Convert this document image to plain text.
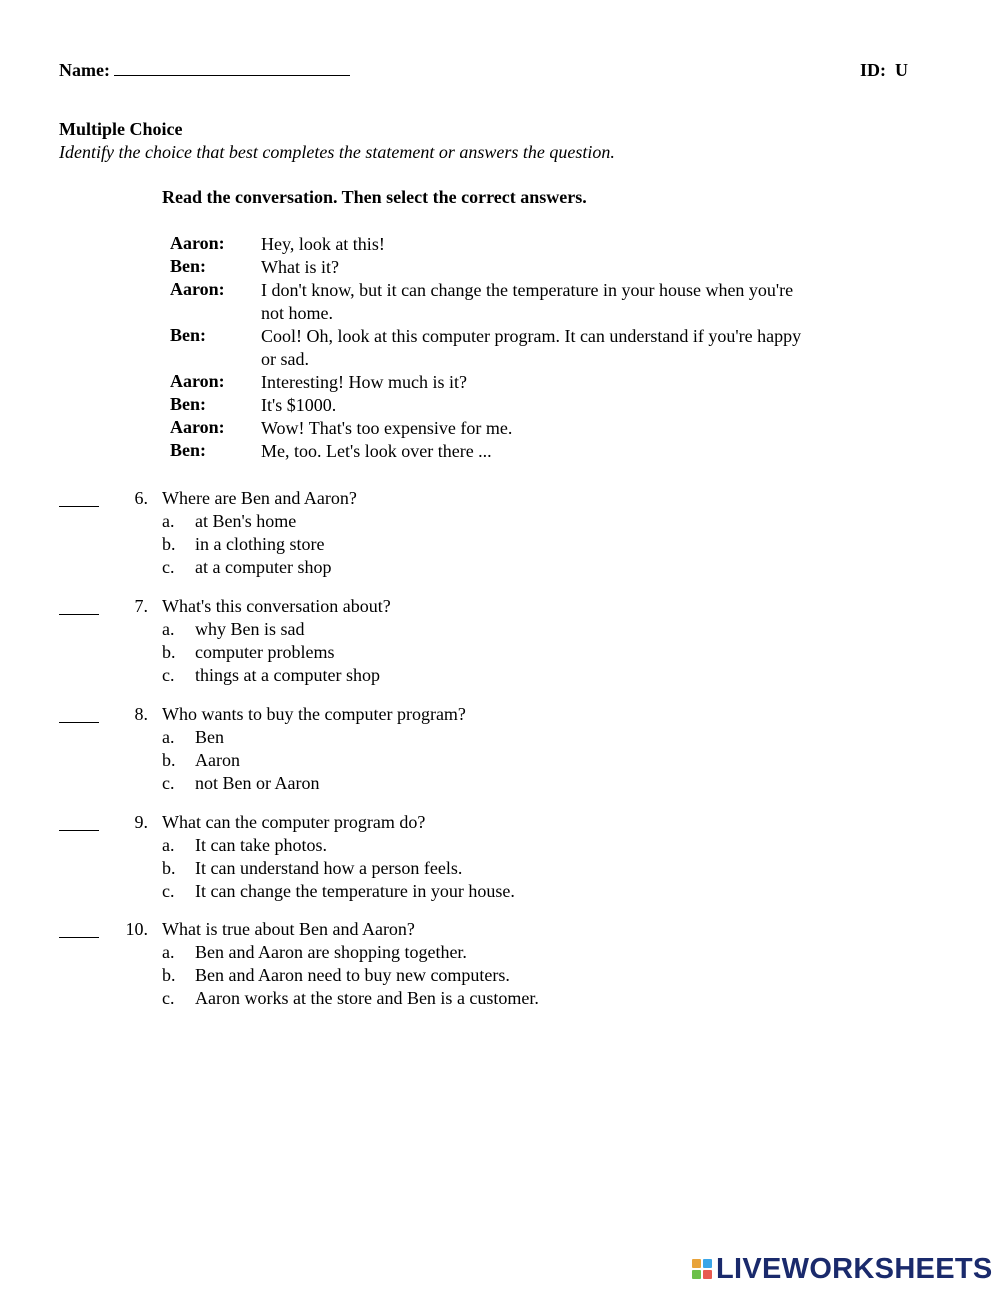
Name:	ID: U
Multiple Choice
Identify the choice that best completes the statement or answers the question.
Read the conversation. Then select the correct answers.
Aaron:	Hey, look at this!
Ben:	What is it?
Aaron:	I don't know, but it can change the temperature in your house when you're not home.
Ben:	Cool! Oh, look at this computer program. It can understand if you're happy or sad.
Aaron:	Interesting! How much is it?
Ben:	It's $1000.
Aaron:	Wow! That's too expensive for me.
Ben:	Me, too. Let's look over there ...
6. Where are Ben and Aaron?
a. at Ben's home
b. in a clothing store
c. at a computer shop
7. What's this conversation about?
a. why Ben is sad
b. computer problems
c. things at a computer shop
8. Who wants to buy the computer program?
a. Ben
b. Aaron
c. not Ben or Aaron
9. What can the computer program do?
a. It can take photos.
b. It can understand how a person feels.
c. It can change the temperature in your house.
10. What is true about Ben and Aaron?
a. Ben and Aaron are shopping together.
b. Ben and Aaron need to buy new computers.
c. Aaron works at the store and Ben is a customer.
LIVEWORKSHEETS
